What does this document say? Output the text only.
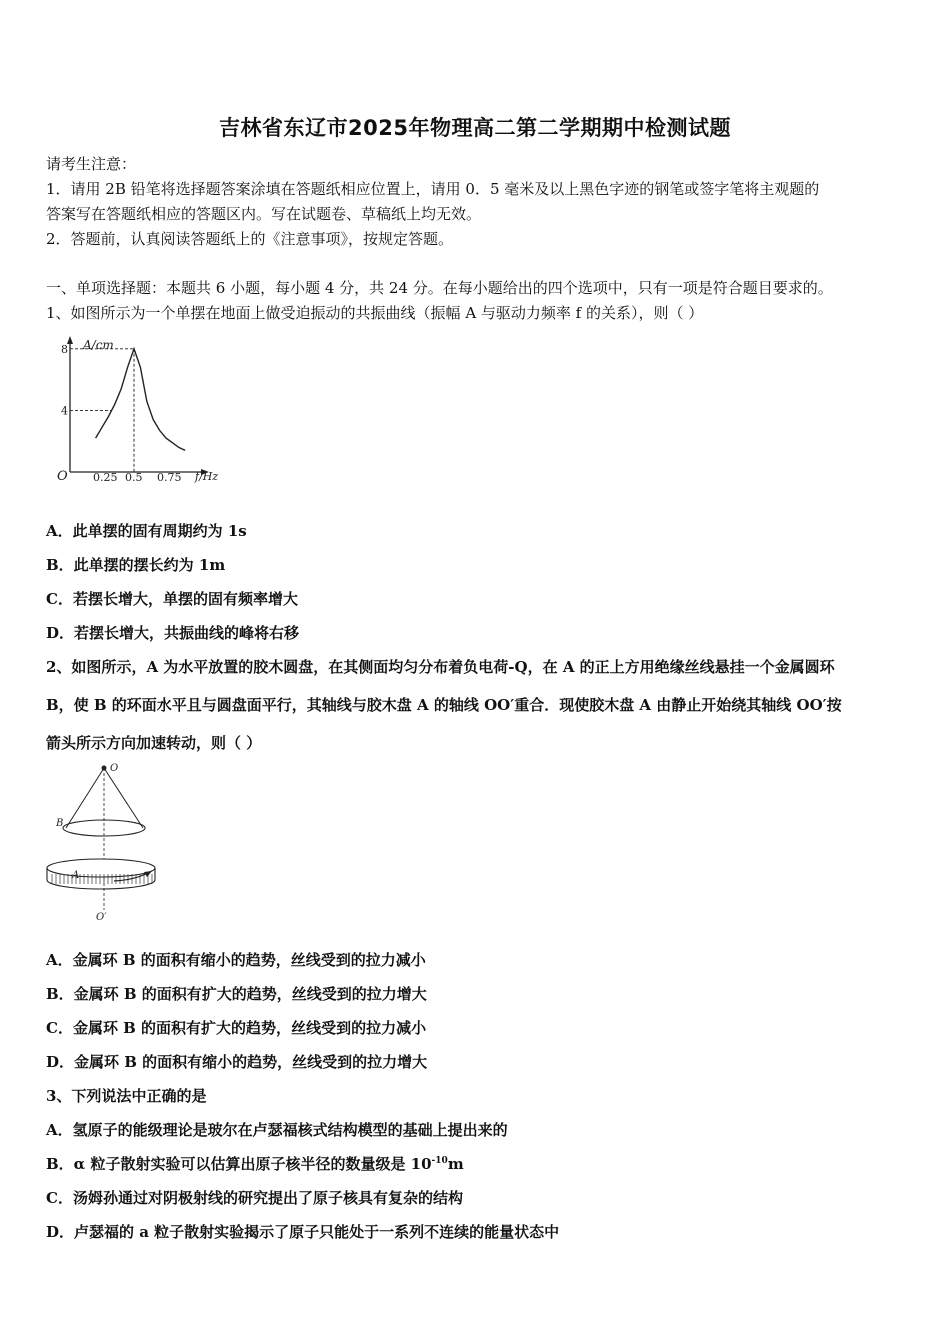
吉林省东辽市2025年物理高二第二学期期中检测试题
请考生注意：
1．请用 2B 铅笔将选择题答案涂填在答题纸相应位置上，请用 0．5 毫米及以上黑色字迹的钢笔或签字笔将主观题的
答案写在答题纸相应的答题区内。写在试题卷、草稿纸上均无效。
2．答题前，认真阅读答题纸上的《注意事项》，按规定答题。
一、单项选择题：本题共 6 小题，每小题 4 分，共 24 分。在每小题给出的四个选项中，只有一项是符合题目要求的。
1、如图所示为一个单摆在地面上做受迫振动的共振曲线（振幅 A 与驱动力频率 f 的关系），则（ ）
A/cm
f/Hz
O 0.25 0.5 0.75
4
8
A．此单摆的固有周期约为 1s
B．此单摆的摆长约为 1m
C．若摆长增大，单摆的固有频率增大
D．若摆长增大，共振曲线的峰将右移
2、如图所示，A 为水平放置的胶木圆盘，在其侧面均匀分布着负电荷-Q，在 A 的正上方用绝缘丝线悬挂一个金属圆环
B，使 B 的环面水平且与圆盘面平行，其轴线与胶木盘 A 的轴线 OO′重合．现使胶木盘 A 由静止开始绕其轴线 OO′按
箭头所示方向加速转动，则（ ）
O
B
A
O′
A．金属环 B 的面积有缩小的趋势，丝线受到的拉力减小
B．金属环 B 的面积有扩大的趋势，丝线受到的拉力增大
C．金属环 B 的面积有扩大的趋势，丝线受到的拉力减小
D．金属环 B 的面积有缩小的趋势，丝线受到的拉力增大
3、下列说法中正确的是
A．氢原子的能级理论是玻尔在卢瑟福核式结构模型的基础上提出来的
B．α 粒子散射实验可以估算出原子核半径的数量级是 $10^{-10}m$
C．汤姆孙通过对阴极射线的研究提出了原子核具有复杂的结构
D．卢瑟福的 a 粒子散射实验揭示了原子只能处于一系列不连续的能量状态中
